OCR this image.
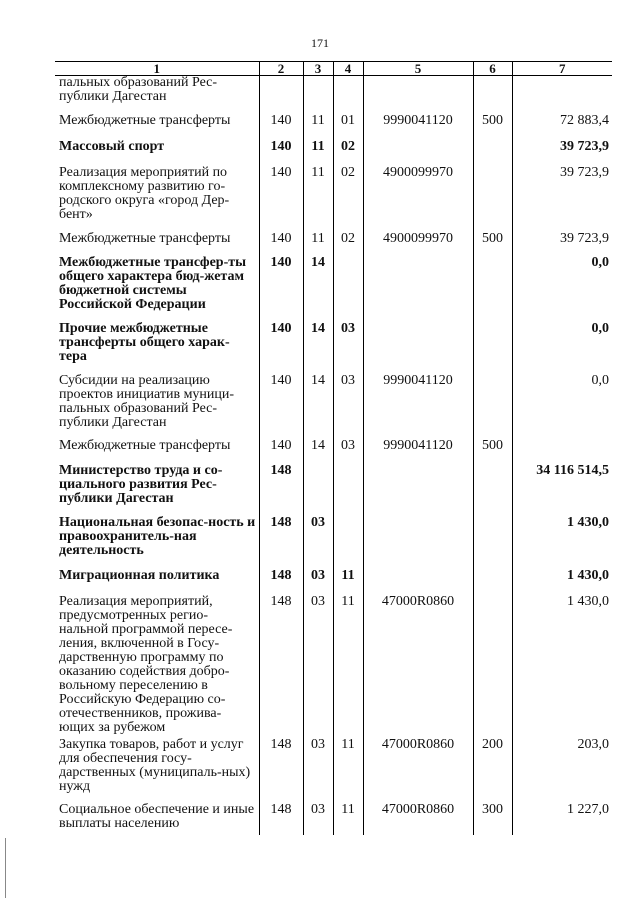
171
1	2	3	4	5	6	7
пальных образований Рес-публики Дагестан						
Межбюджетные трансферты	140	11	01	9990041120	500	72 883,4
Массовый спорт	140	11	02			39 723,9
Реализация мероприятий по комплексному развитию го-родского округа «город Дер-бент»	140	11	02	4900099970		39 723,9
Межбюджетные трансферты	140	11	02	4900099970	500	39 723,9
Межбюджетные трансфер-ты общего характера бюд-жетам бюджетной системы Российской Федерации	140	14				0,0
Прочие межбюджетные трансферты общего харак-тера	140	14	03			0,0
Субсидии на реализацию проектов инициатив муници-пальных образований Рес-публики Дагестан	140	14	03	9990041120		0,0
Межбюджетные трансферты	140	14	03	9990041120	500	
Министерство труда и со-циального развития Рес-публики Дагестан	148					34 116 514,5
Национальная безопас-ность и правоохранитель-ная деятельность	148	03				1 430,0
Миграционная политика	148	03	11			1 430,0
Реализация мероприятий, предусмотренных регио-нальной программой пересе-ления, включенной в Госу-дарственную программу по оказанию содействия добро-вольному переселению в Российскую Федерацию со-отечественников, прожива-ющих за рубежом	148	03	11	47000R0860		1 430,0
Закупка товаров, работ и услуг для обеспечения госу-дарственных (муниципаль-ных) нужд	148	03	11	47000R0860	200	203,0
Социальное обеспечение и иные выплаты населению	148	03	11	47000R0860	300	1 227,0
